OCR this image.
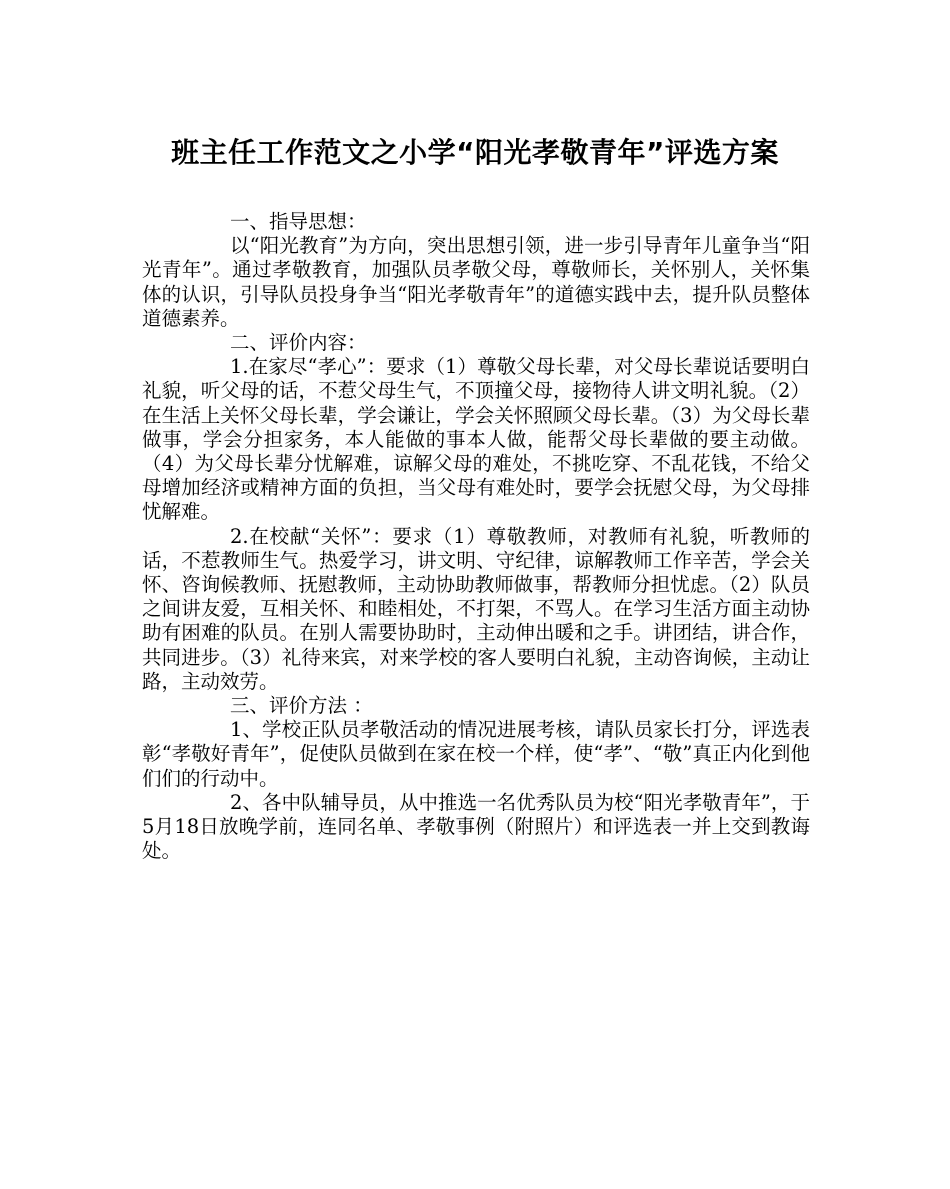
班主任工作范文之小学“阳光孝敬青年”评选方案

一、指导思想：

以“阳光教育”为方向，突出思想引领，进一步引导青年儿童争当“阳光青年”。通过孝敬教育，加强队员孝敬父母，尊敬师长，关怀别人，关怀集体的认识，引导队员投身争当“阳光孝敬青年”的道德实践中去，提升队员整体道德素养。

二、评价内容：

1.在家尽“孝心”：要求（1）尊敬父母长辈，对父母长辈说话要明白礼貌，听父母的话，不惹父母生气，不顶撞父母，接物待人讲文明礼貌。（2）在生活上关怀父母长辈，学会谦让，学会关怀照顾父母长辈。（3）为父母长辈做事，学会分担家务，本人能做的事本人做，能帮父母长辈做的要主动做。（4）为父母长辈分忧解难，谅解父母的难处，不挑吃穿、不乱花钱，不给父母增加经济或精神方面的负担，当父母有难处时，要学会抚慰父母，为父母排忧解难。

2.在校献“关怀”：要求（1）尊敬教师，对教师有礼貌，听教师的话，不惹教师生气。热爱学习，讲文明、守纪律，谅解教师工作辛苦，学会关怀、咨询候教师、抚慰教师，主动协助教师做事，帮教师分担忧虑。（2）队员之间讲友爱，互相关怀、和睦相处，不打架，不骂人。在学习生活方面主动协助有困难的队员。在别人需要协助时，主动伸出暖和之手。讲团结，讲合作，共同进步。（3）礼待来宾，对来学校的客人要明白礼貌，主动咨询候，主动让路，主动效劳。

三、评价方法 ：

1、学校正队员孝敬活动的情况进展考核，请队员家长打分，评选表彰“孝敬好青年”，促使队员做到在家在校一个样，使“孝”、“敬”真正内化到他们们的行动中。

2、各中队辅导员，从中推选一名优秀队员为校“阳光孝敬青年”，于5月18日放晚学前，连同名单、孝敬事例（附照片）和评选表一并上交到教诲处。
